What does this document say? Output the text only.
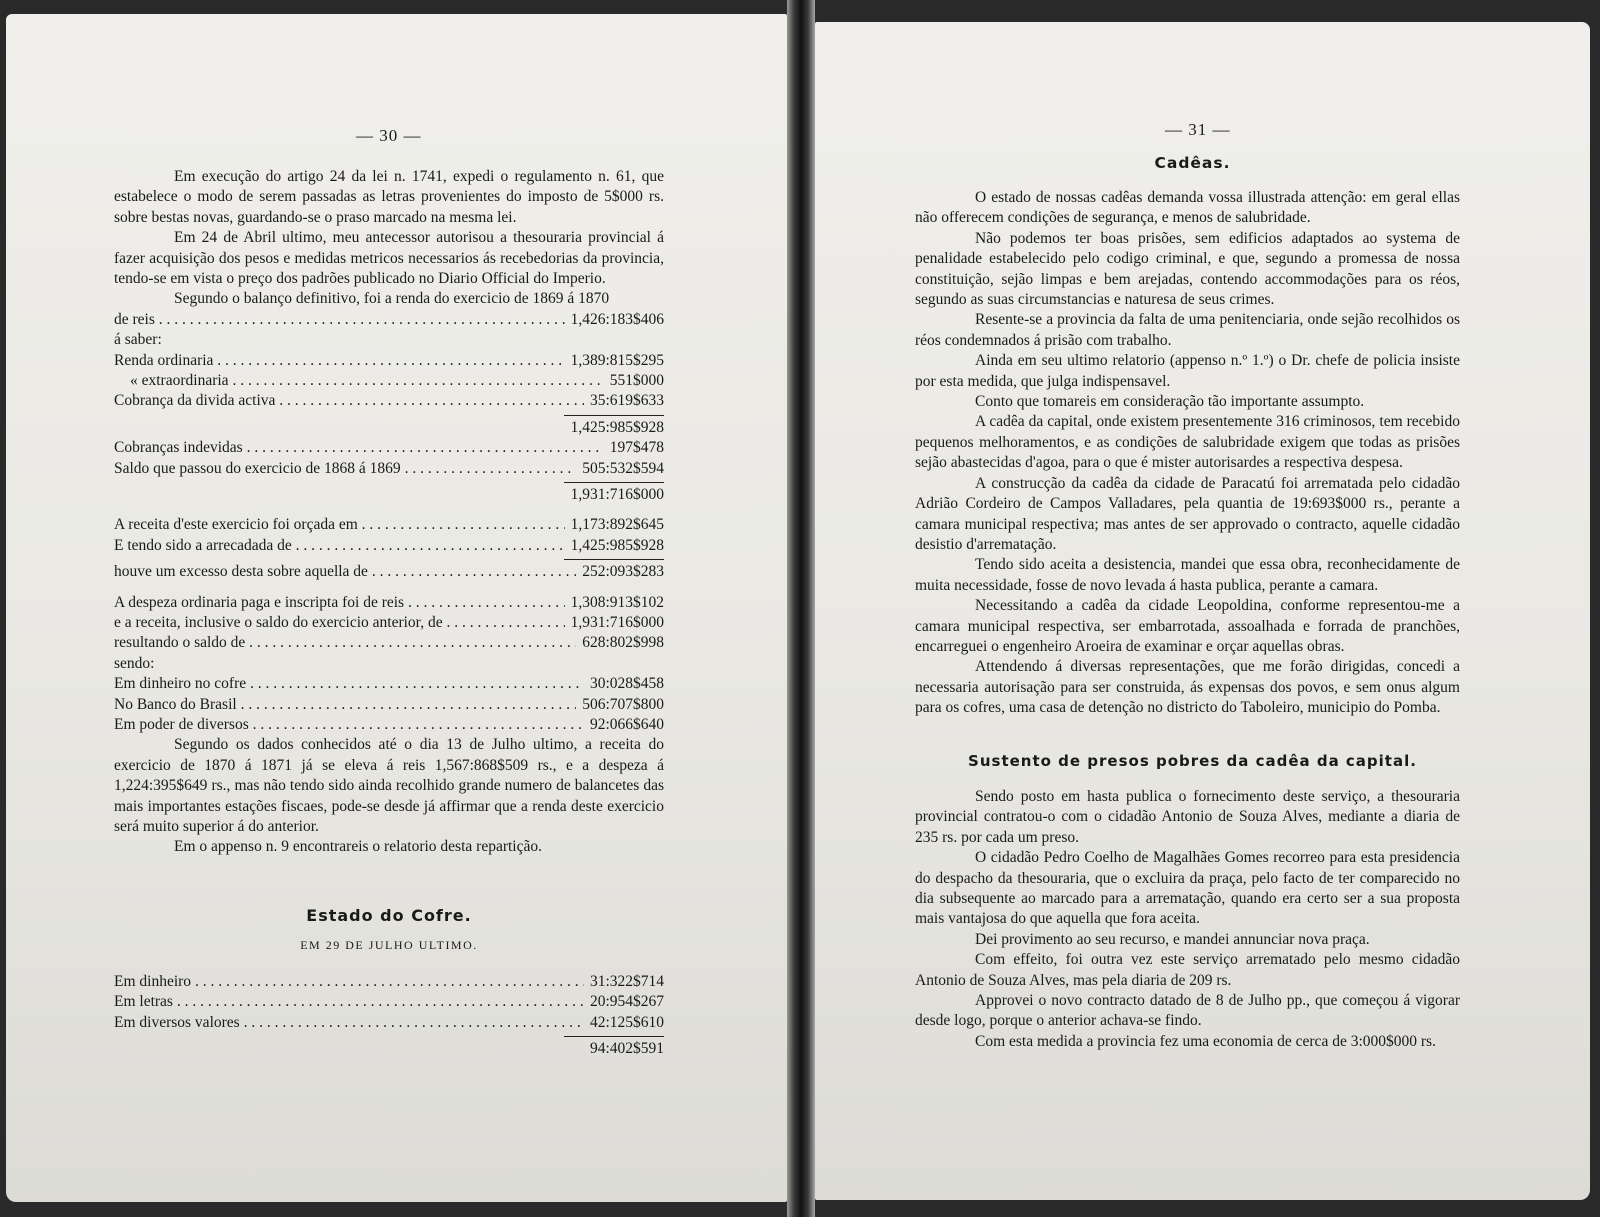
— 30 —

Em execução do artigo 24 da lei n. 1741, expedi o regulamento n. 61, que estabelece o modo de serem passadas as letras provenientes do imposto de 5$000 rs. sobre bestas novas, guardando-se o praso marcado na mesma lei.

Em 24 de Abril ultimo, meu antecessor autorisou a thesouraria provincial á fazer acquisição dos pesos e medidas metricos necessarios ás recebedorias da provincia, tendo-se em vista o preço dos padrões publicado no Diario Official do Imperio.

Segundo o balanço definitivo, foi a renda do exercicio de 1869 á 1870

de reis . . .	1,426:183$406

á saber:

Renda ordinaria . . .	1,389:815$295
« extraordinaria . . .	551$000
Cobrança da divida activa . . .	35:619$633
1,425:985$928
Cobranças indevidas . . .	197$478
Saldo que passou do exercicio de 1868 á 1869 . . .	505:532$594
1,931:716$000
A receita d'este exercicio foi orçada em . . .	1,173:892$645
E tendo sido a arrecadada de . . .	1,425:985$928
houve um excesso desta sobre aquella de . . .	252:093$283
A despeza ordinaria paga e inscripta foi de reis . . .	1,308:913$102
e a receita, inclusive o saldo do exercicio anterior, de . . .	1,931:716$000
resultando o saldo de . . .	628:802$998

sendo:

Em dinheiro no cofre . . .	30:028$458
No Banco do Brasil . . .	506:707$800
Em poder de diversos . . .	92:066$640

Segundo os dados conhecidos até o dia 13 de Julho ultimo, a receita do exercicio de 1870 á 1871 já se eleva á reis 1,567:868$509 rs., e a despeza á 1,224:395$649 rs., mas não tendo sido ainda recolhido grande numero de balancetes das mais importantes estações fiscaes, pode-se desde já affirmar que a renda deste exercicio será muito superior á do anterior.

Em o appenso n. 9 encontrareis o relatorio desta repartição.

Estado do Cofre.
EM 29 DE JULHO ULTIMO.
Em dinheiro . . .	31:322$714
Em letras . . .	20:954$267
Em diversos valores . . .	42:125$610
94:402$591
— 31 —
Cadêas.

O estado de nossas cadêas demanda vossa illustrada attenção: em geral ellas não offerecem condições de segurança, e menos de salubridade.

Não podemos ter boas prisões, sem edificios adaptados ao systema de penalidade estabelecido pelo codigo criminal, e que, segundo a promessa de nossa constituição, sejão limpas e bem arejadas, contendo accommodações para os réos, segundo as suas circumstancias e naturesa de seus crimes.

Resente-se a provincia da falta de uma penitenciaria, onde sejão recolhidos os réos condemnados á prisão com trabalho.

Ainda em seu ultimo relatorio (appenso n.º 1.º) o Dr. chefe de policia insiste por esta medida, que julga indispensavel.

Conto que tomareis em consideração tão importante assumpto.

A cadêa da capital, onde existem presentemente 316 criminosos, tem recebido pequenos melhoramentos, e as condições de salubridade exigem que todas as prisões sejão abastecidas d'agoa, para o que é mister autorisardes a respectiva despesa.

A construcção da cadêa da cidade de Paracatú foi arrematada pelo cidadão Adrião Cordeiro de Campos Valladares, pela quantia de 19:693$000 rs., perante a camara municipal respectiva; mas antes de ser approvado o contracto, aquelle cidadão desistio d'arrematação.

Tendo sido aceita a desistencia, mandei que essa obra, reconhecidamente de muita necessidade, fosse de novo levada á hasta publica, perante a camara.

Necessitando a cadêa da cidade Leopoldina, conforme representou-me a camara municipal respectiva, ser embarrotada, assoalhada e forrada de pranchões, encarreguei o engenheiro Aroeira de examinar e orçar aquellas obras.

Attendendo á diversas representações, que me forão dirigidas, concedi a necessaria autorisação para ser construida, ás expensas dos povos, e sem onus algum para os cofres, uma casa de detenção no districto do Taboleiro, municipio do Pomba.

Sustento de presos pobres da cadêa da capital.

Sendo posto em hasta publica o fornecimento deste serviço, a thesouraria provincial contratou-o com o cidadão Antonio de Souza Alves, mediante a diaria de 235 rs. por cada um preso.

O cidadão Pedro Coelho de Magalhães Gomes recorreo para esta presidencia do despacho da thesouraria, que o excluira da praça, pelo facto de ter comparecido no dia subsequente ao marcado para a arrematação, quando era certo ser a sua proposta mais vantajosa do que aquella que fora aceita.

Dei provimento ao seu recurso, e mandei annunciar nova praça.

Com effeito, foi outra vez este serviço arrematado pelo mesmo cidadão Antonio de Souza Alves, mas pela diaria de 209 rs.

Approvei o novo contracto datado de 8 de Julho pp., que começou á vigorar desde logo, porque o anterior achava-se findo.

Com esta medida a provincia fez uma economia de cerca de 3:000$000 rs.
